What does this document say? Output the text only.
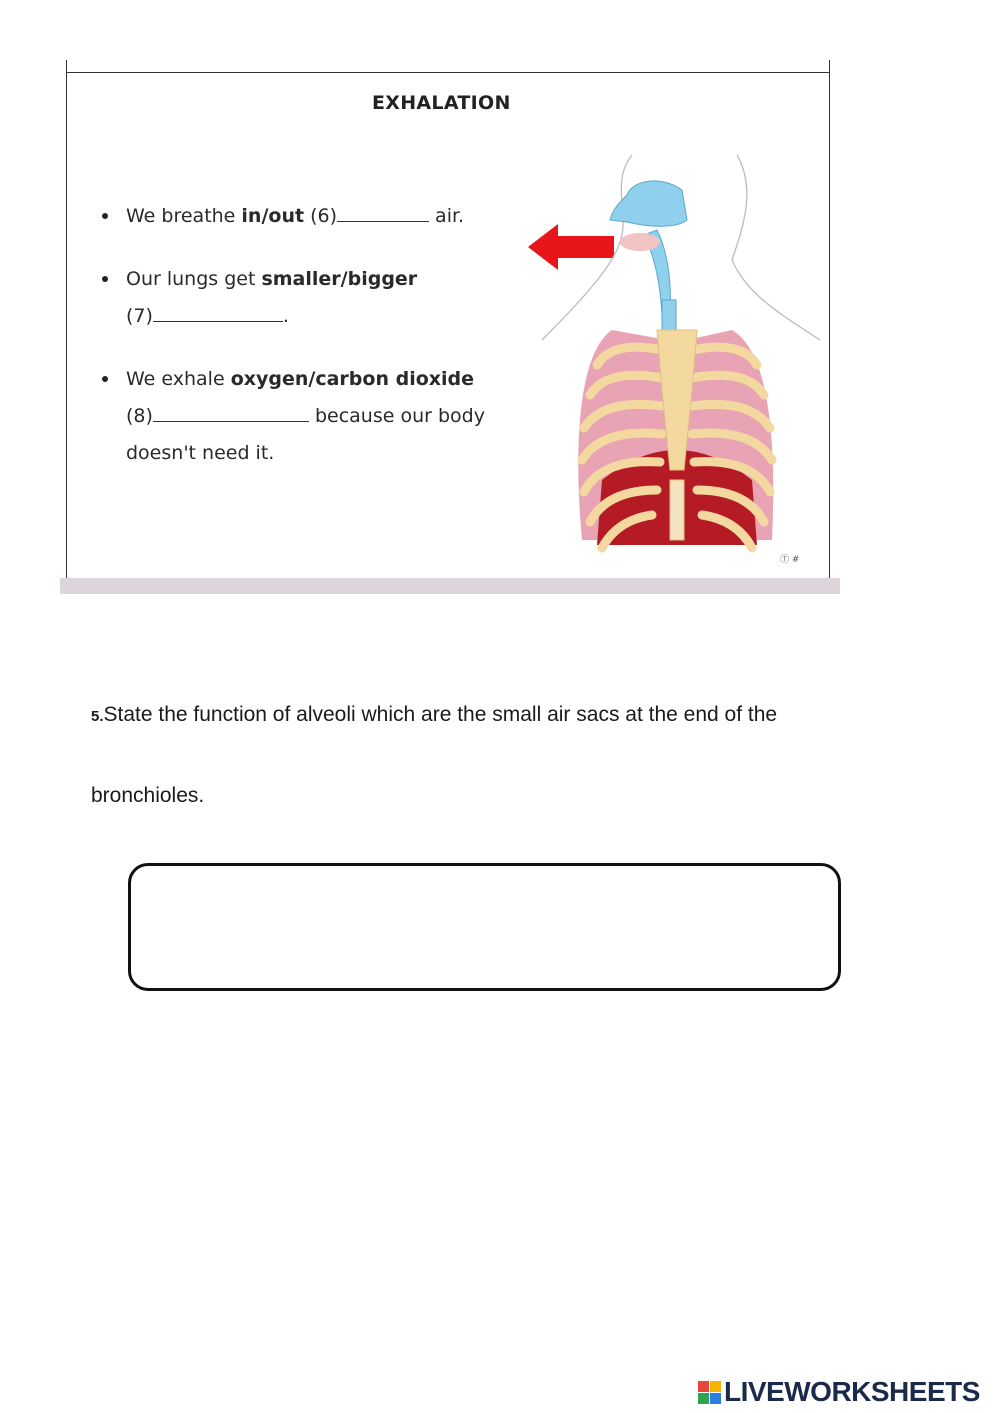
EXHALATION
We breathe in/out (6)	air.
Our lungs get smaller/bigger
(7)	.
We exhale oxygen/carbon dioxide
(8)	because our body doesn't need it.
Ⓣ #
5.State the function of alveoli which are the small air sacs at the end of the
bronchioles.
LIVEWORKSHEETS
